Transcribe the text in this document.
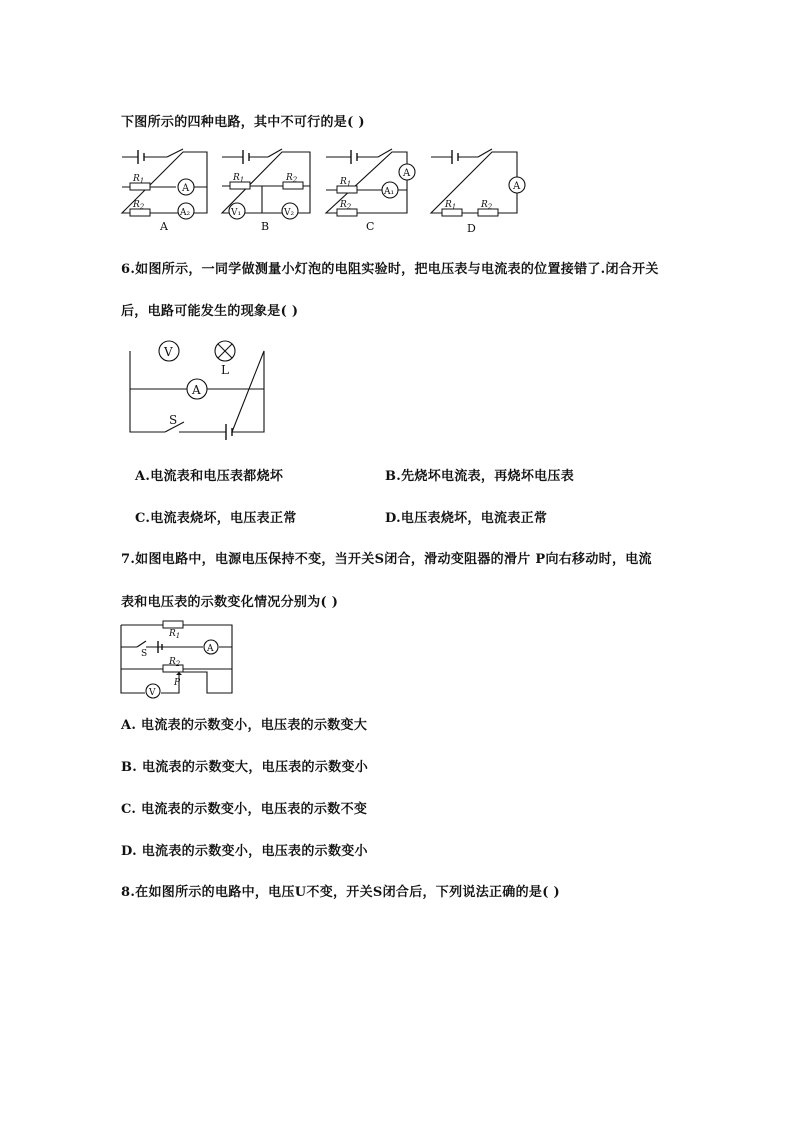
下图所示的四种电路，其中不可行的是( )
$R_1$
$R_2$
A
A₂
A
$R_1$	$R_2$
V₁	V₂
B
$R_1$
$R_2$
A₁
A
C
$R_1$	$R_2$
A
D
V
L
A
S
$R_1$
S	A
$R_2$
P
V
6.如图所示，一同学做测量小灯泡的电阻实验时，把电压表与电流表的位置接错了.闭合开关
后，电路可能发生的现象是( )
A.电流表和电压表都烧坏	B.先烧坏电流表，再烧坏电压表
C.电流表烧坏，电压表正常	D.电压表烧坏，电流表正常
7.如图电路中，电源电压保持不变，当开关S闭合，滑动变阻器的滑片 P向右移动时，电流
表和电压表的示数变化情况分别为( )
A. 电流表的示数变小，电压表的示数变大
B. 电流表的示数变大，电压表的示数变小
C. 电流表的示数变小，电压表的示数不变
D. 电流表的示数变小，电压表的示数变小
8.在如图所示的电路中，电压U不变，开关S闭合后，下列说法正确的是( )
